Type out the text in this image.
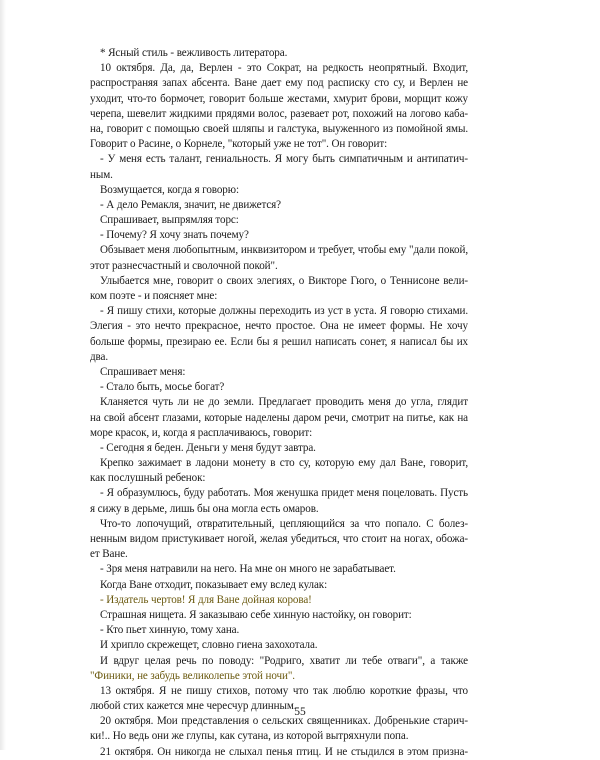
* Ясный стиль - вежливость литератора.
10 октября. Да, да, Верлен - это Сократ, на редкость неопрятный. Входит,
распространяя запах абсента. Ване дает ему под расписку сто су, и Верлен не
уходит, что-то бормочет, говорит больше жестами, хмурит брови, морщит кожу
черепа, шевелит жидкими прядями волос, разевает рот, похожий на логово каба-
на, говорит с помощью своей шляпы и галстука, выуженного из помойной ямы.
Говорит о Расине, о Корнеле, "который уже не тот". Он говорит:
- У меня есть талант, гениальность. Я могу быть симпатичным и антипатич-
ным.
Возмущается, когда я говорю:
- А дело Ремакля, значит, не движется?
Спрашивает, выпрямляя торс:
- Почему? Я хочу знать почему?
Обзывает меня любопытным, инквизитором и требует, чтобы ему "дали покой,
этот разнесчастный и сволочной покой".
Улыбается мне, говорит о своих элегиях, о Викторе Гюго, о Теннисоне вели-
ком поэте - и поясняет мне:
- Я пишу стихи, которые должны переходить из уст в уста. Я говорю стихами.
Элегия - это нечто прекрасное, нечто простое. Она не имеет формы. Не хочу
больше формы, презираю ее. Если бы я решил написать сонет, я написал бы их
два.
Спрашивает меня:
- Стало быть, мосье богат?
Кланяется чуть ли не до земли. Предлагает проводить меня до угла, глядит
на свой абсент глазами, которые наделены даром речи, смотрит на питье, как на
море красок, и, когда я расплачиваюсь, говорит:
- Сегодня я беден. Деньги у меня будут завтра.
Крепко зажимает в ладони монету в сто су, которую ему дал Ване, говорит,
как послушный ребенок:
- Я образумлюсь, буду работать. Моя женушка придет меня поцеловать. Пусть
я сижу в дерьме, лишь бы она могла есть омаров.
Что-то лопочущий, отвратительный, цепляющийся за что попало. С болез-
ненным видом пристукивает ногой, желая убедиться, что стоит на ногах, обожа-
ет Ване.
- Зря меня натравили на него. На мне он много не зарабатывает.
Когда Ване отходит, показывает ему вслед кулак:
- Издатель чертов! Я для Ване дойная корова!
Страшная нищета. Я заказываю себе хинную настойку, он говорит:
- Кто пьет хинную, тому хана.
И хрипло скрежещет, словно гиена захохотала.
И вдруг целая речь по поводу: "Родриго, хватит ли тебе отваги", а также
"Финики, не забудь великолепье этой ночи".
13 октября. Я не пишу стихов, потому что так люблю короткие фразы, что
любой стих кажется мне чересчур длинным.
20 октября. Мои представления о сельских священниках. Добренькие старич-
ки!.. Но ведь они же глупы, как сутана, из которой вытряхнули попа.
21 октября. Он никогда не слыхал пенья птиц. И не стыдился в этом призна-
55
